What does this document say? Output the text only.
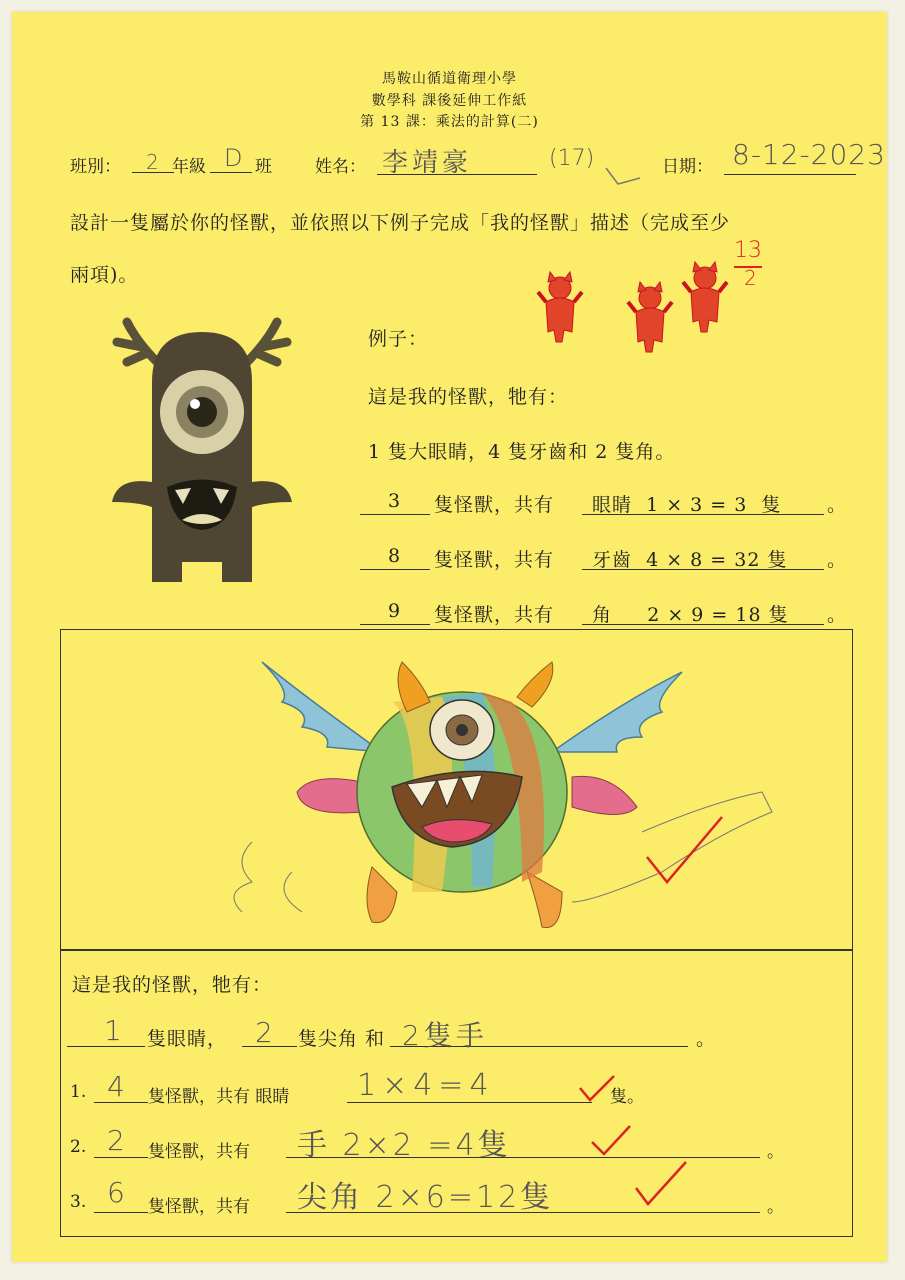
馬鞍山循道衛理小學
數學科 課後延伸工作紙
第 13 課：乘法的計算(二)
班別： 2 年級 D 班	姓名： 李靖豪	(17)	日期： 8-12-2023
設計一隻屬於你的怪獸，並依照以下例子完成「我的怪獸」描述（完成至少
兩項)。
13
2
例子：
這是我的怪獸，牠有：
1 隻大眼睛，4 隻牙齒和 2 隻角。
3 隻怪獸，共有 眼睛  1 × 3 = 3  隻 。
8 隻怪獸，共有 牙齒  4 × 8 = 32 隻 。
9 隻怪獸，共有 角     2 × 9 = 18 隻 。
這是我的怪獸，牠有：
1 隻眼睛， 2 隻尖角 和 2隻手	。
1. 4 隻怪獸，共有 眼睛 1×4=4	隻。
2. 2 隻怪獸，共有 手 2×2 =4隻	。
3. 6 隻怪獸，共有 尖角 2×6=12隻	。
